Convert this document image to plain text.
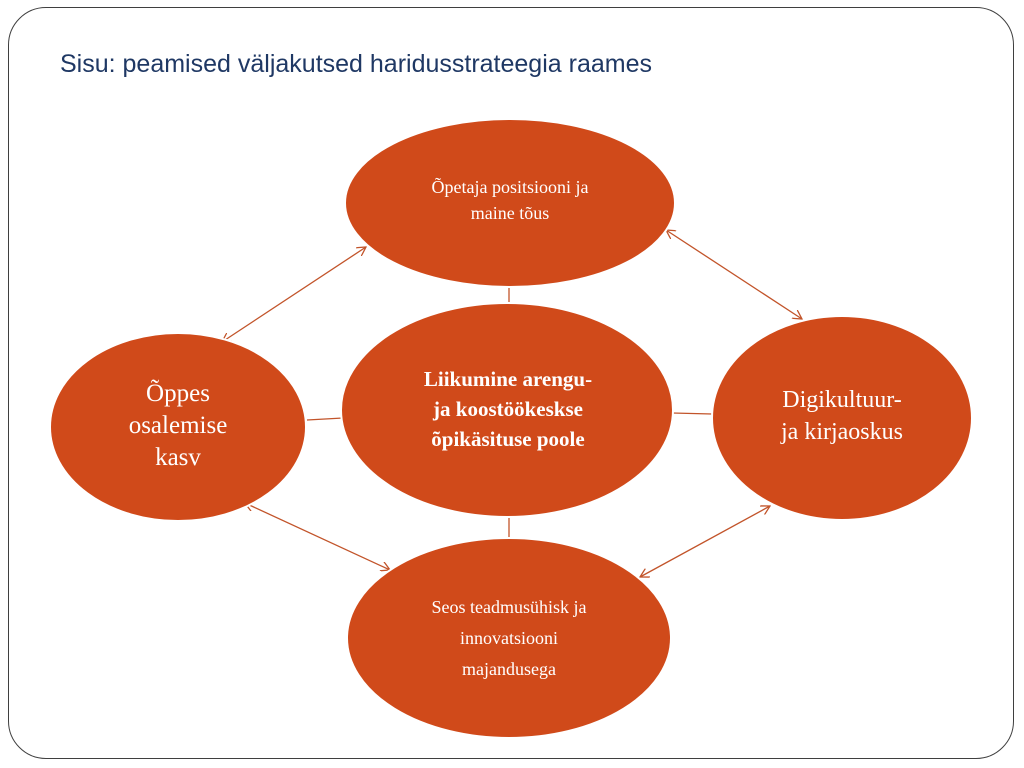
Sisu: peamised väljakutsed haridusstrateegia raames
Õpetaja positsiooni ja
maine tõus
Õppes
osalemise
kasv
Digikultuur-
ja kirjaoskus
Seos teadmusühisk ja
innovatsiooni
majandusega
Liikumine arengu-
ja koostöökeskse
õpikäsituse poole
